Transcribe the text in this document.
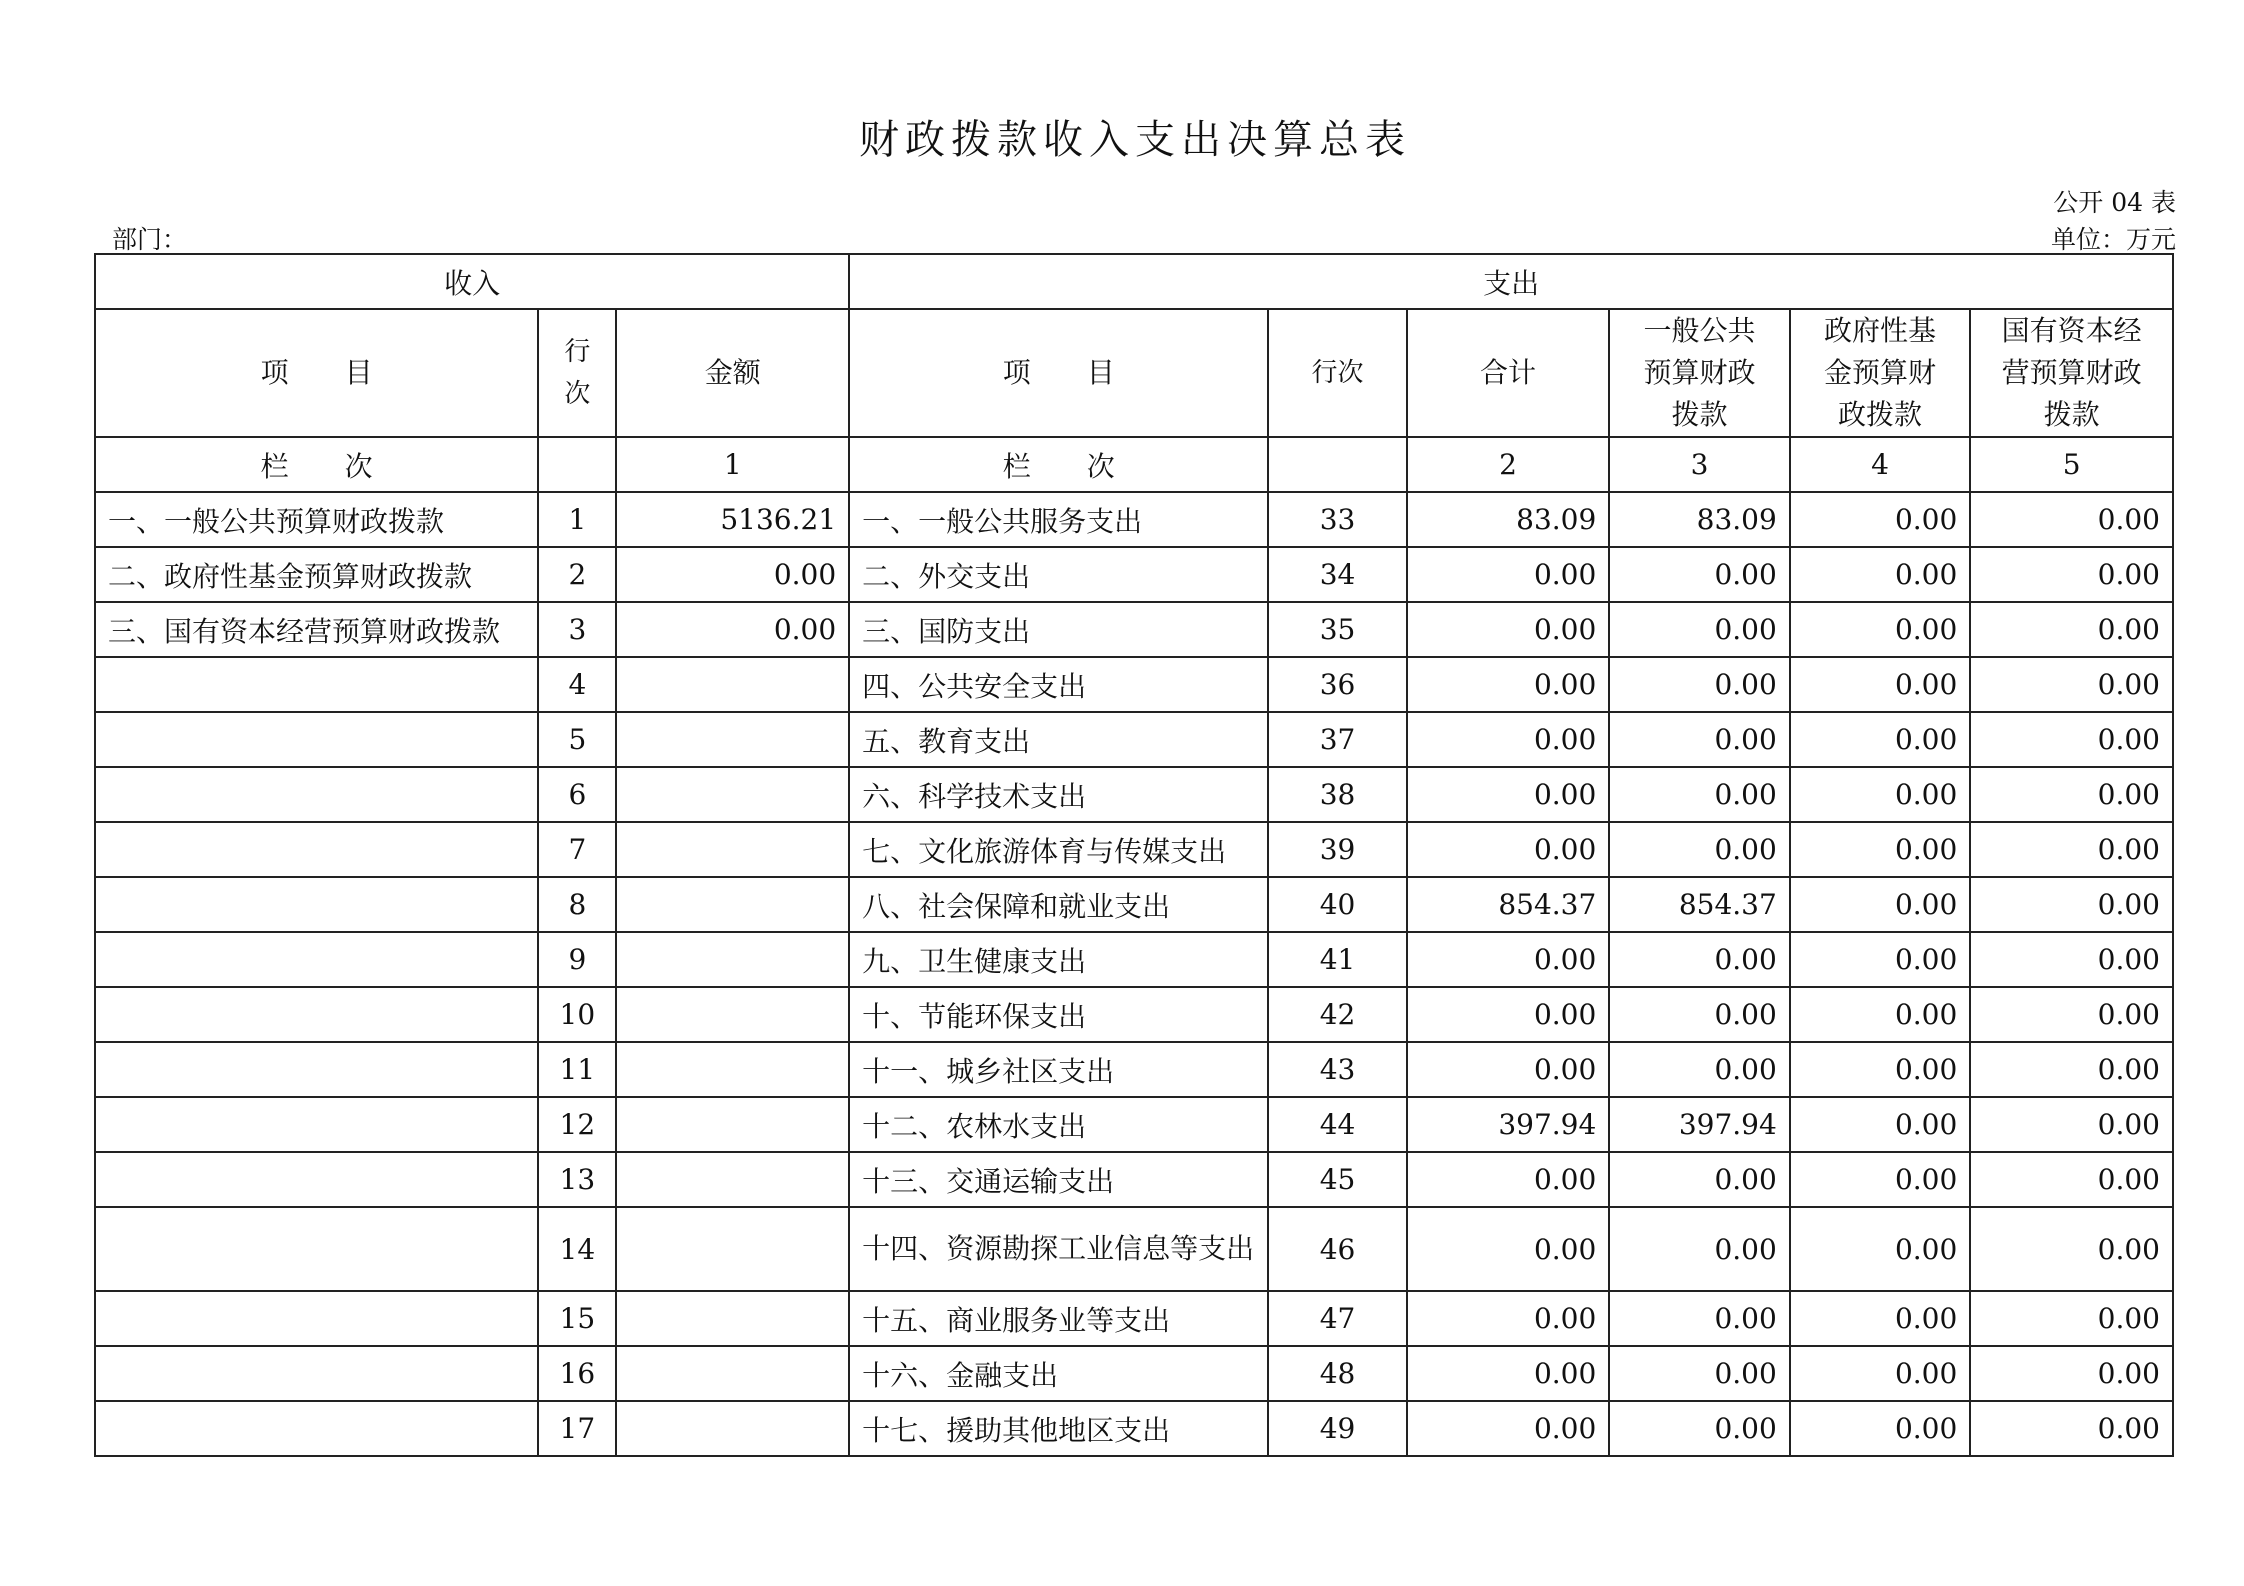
财政拨款收入支出决算总表
公开 04 表
部门：	单位：万元
收入			支出					
项　　目	行
次	金额	项　　目	行次	合计	一般公共预算财政拨款	政府性基金预算财政拨款	国有资本经营预算财政拨款
栏　　次		1	栏　　次		2	3	4	5
一、一般公共预算财政拨款	1	5136.21	一、一般公共服务支出	33	83.09	83.09	0.00	0.00
二、政府性基金预算财政拨款	2	0.00	二、外交支出	34	0.00	0.00	0.00	0.00
三、国有资本经营预算财政拨款	3	0.00	三、国防支出	35	0.00	0.00	0.00	0.00
	4		四、公共安全支出	36	0.00	0.00	0.00	0.00
	5		五、教育支出	37	0.00	0.00	0.00	0.00
	6		六、科学技术支出	38	0.00	0.00	0.00	0.00
	7		七、文化旅游体育与传媒支出	39	0.00	0.00	0.00	0.00
	8		八、社会保障和就业支出	40	854.37	854.37	0.00	0.00
	9		九、卫生健康支出	41	0.00	0.00	0.00	0.00
	10		十、节能环保支出	42	0.00	0.00	0.00	0.00
	11		十一、城乡社区支出	43	0.00	0.00	0.00	0.00
	12		十二、农林水支出	44	397.94	397.94	0.00	0.00
	13		十三、交通运输支出	45	0.00	0.00	0.00	0.00
	14		十四、资源勘探工业信息等支出	46	0.00	0.00	0.00	0.00
	15		十五、商业服务业等支出	47	0.00	0.00	0.00	0.00
	16		十六、金融支出	48	0.00	0.00	0.00	0.00
	17		十七、援助其他地区支出	49	0.00	0.00	0.00	0.00
